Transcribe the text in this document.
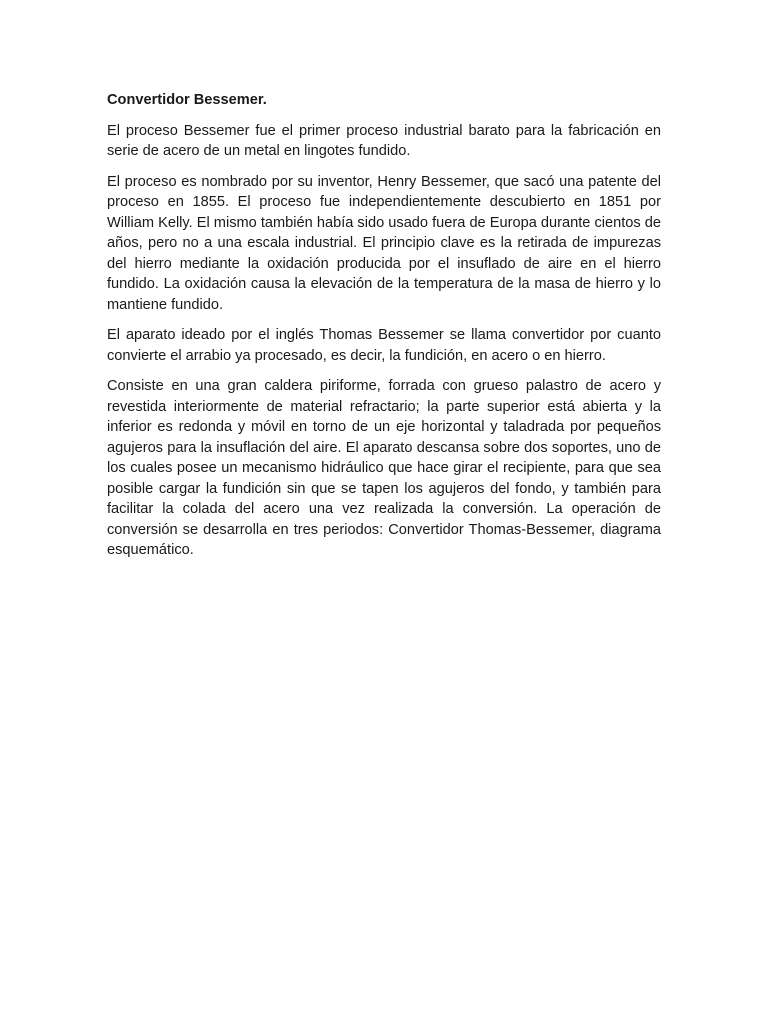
Convertidor Bessemer.

El proceso Bessemer fue el primer proceso industrial barato para la fabricación en serie de acero de un metal en lingotes fundido.

El proceso es nombrado por su inventor, Henry Bessemer, que sacó una patente del proceso en 1855. El proceso fue independientemente descubierto en 1851 por William Kelly. El mismo también había sido usado fuera de Europa durante cientos de años, pero no a una escala industrial. El principio clave es la retirada de impurezas del hierro mediante la oxidación producida por el insuflado de aire en el hierro fundido. La oxidación causa la elevación de la temperatura de la masa de hierro y lo mantiene fundido.

El aparato ideado por el inglés Thomas Bessemer se llama convertidor por cuanto convierte el arrabio ya procesado, es decir, la fundición, en acero o en hierro.

Consiste en una gran caldera piriforme, forrada con grueso palastro de acero y revestida interiormente de material refractario; la parte superior está abierta y la inferior es redonda y móvil en torno de un eje horizontal y taladrada por pequeños agujeros para la insuflación del aire. El aparato descansa sobre dos soportes, uno de los cuales posee un mecanismo hidráulico que hace girar el recipiente, para que sea posible cargar la fundición sin que se tapen los agujeros del fondo, y también para facilitar la colada del acero una vez realizada la conversión. La operación de conversión se desarrolla en tres periodos: Convertidor Thomas-Bessemer, diagrama esquemático.
